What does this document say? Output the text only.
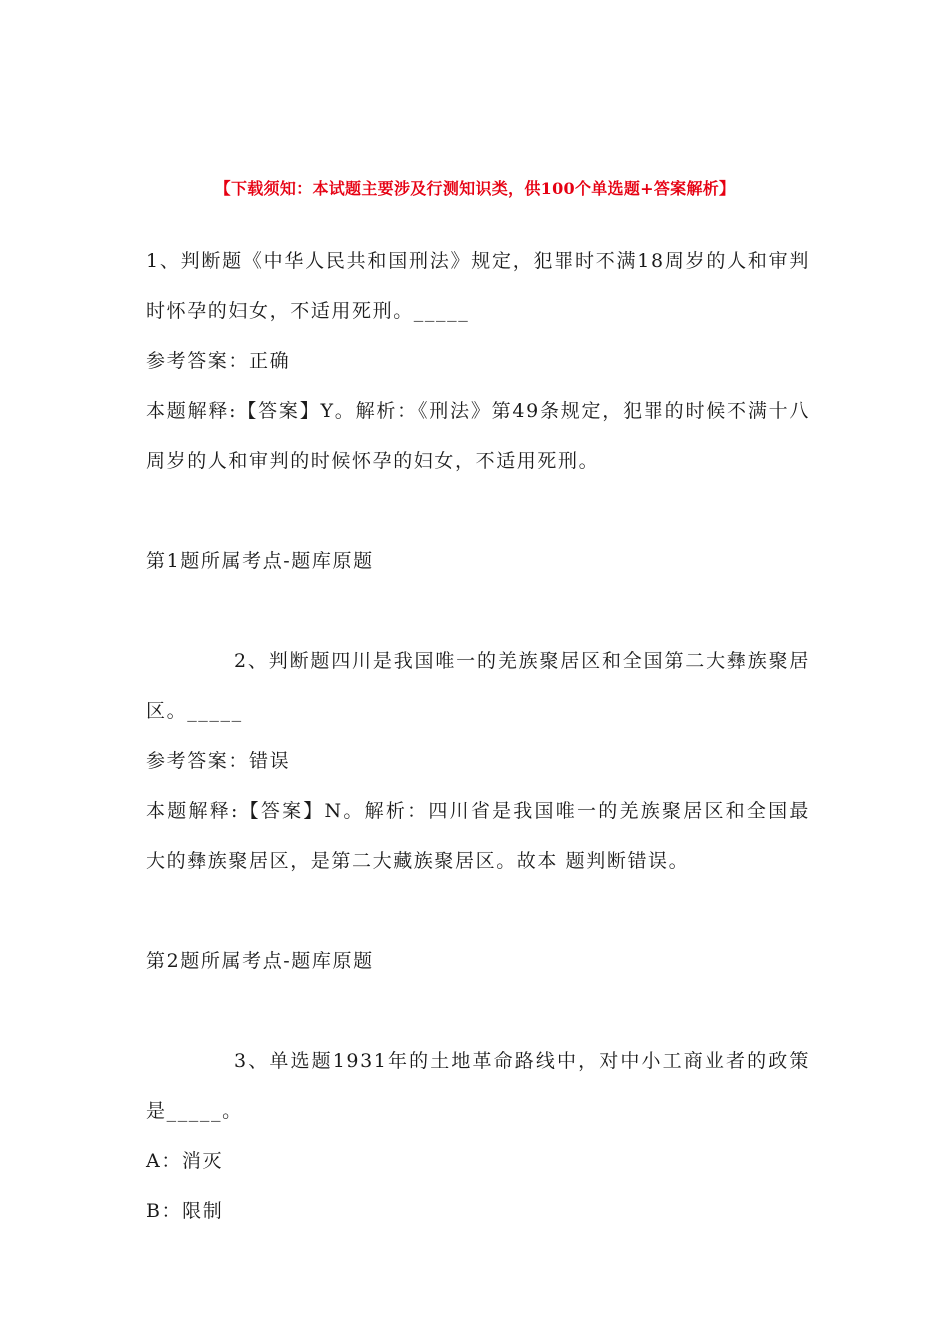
【下载须知：本试题主要涉及行测知识类，供100个单选题+答案解析】

1、判断题《中华人民共和国刑法》规定，犯罪时不满18周岁的人和审判时怀孕的妇女，不适用死刑。_____

参考答案：正确

本题解释:【答案】Y。解析：《刑法》第49条规定，犯罪的时候不满十八周岁的人和审判的时候怀孕的妇女，不适用死刑。

第1题所属考点-题库原题

2、判断题四川是我国唯一的羌族聚居区和全国第二大彝族聚居区。_____

参考答案：错误

本题解释:【答案】N。解析：四川省是我国唯一的羌族聚居区和全国最大的彝族聚居区，是第二大藏族聚居区。故本 题判断错误。

第2题所属考点-题库原题

3、单选题1931年的土地革命路线中，对中小工商业者的政策是_____。

A：消灭

B：限制
